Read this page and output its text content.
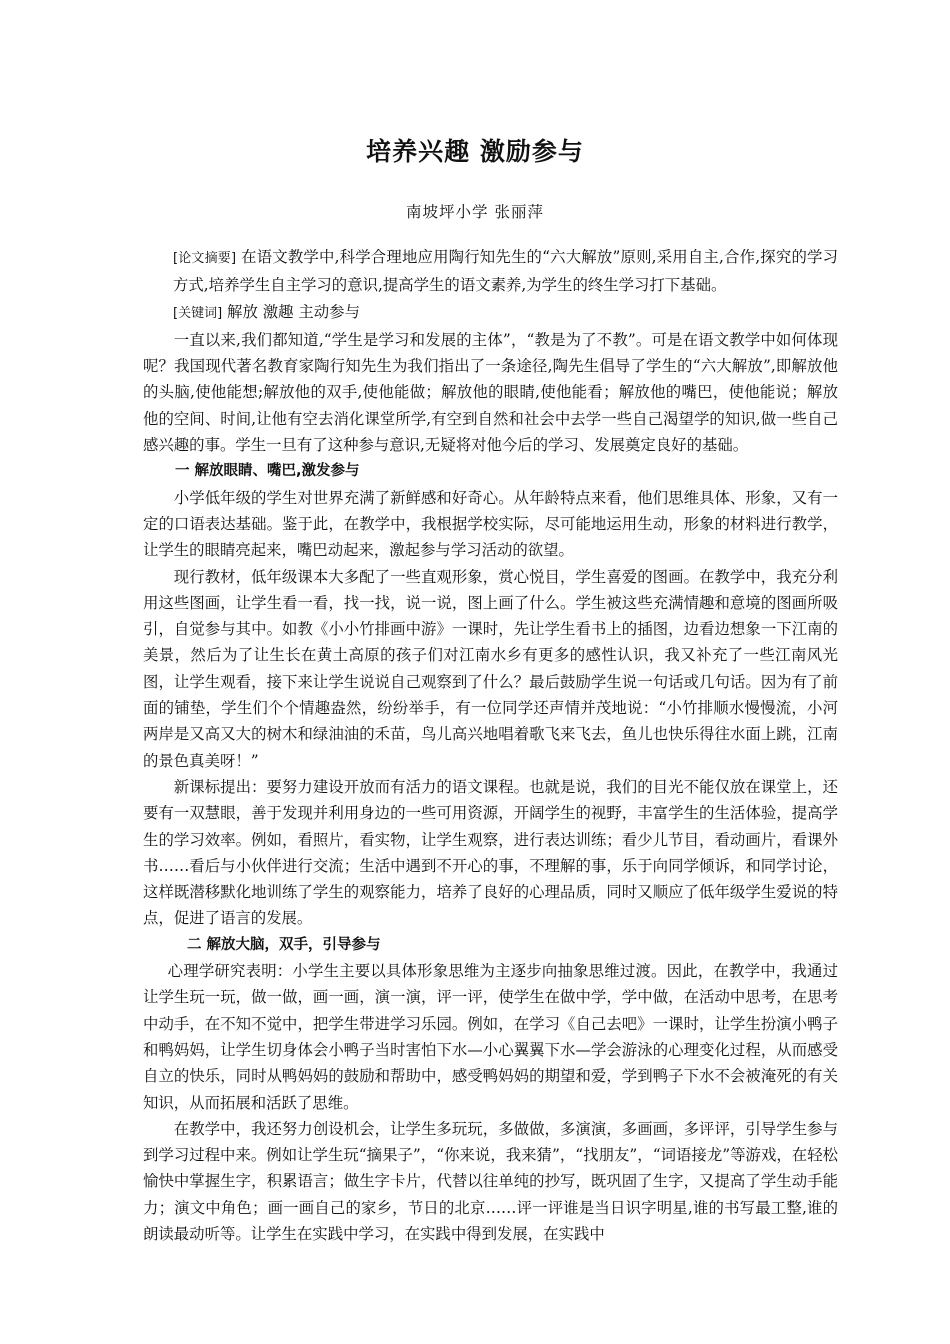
培养兴趣 激励参与
南坡坪小学 张丽萍

[论文摘要] 在语文教学中,科学合理地应用陶行知先生的“六大解放”原则,采用自主,合作,探究的学习方式,培养学生自主学习的意识,提高学生的语文素养,为学生的终生学习打下基础。

[关键词] 解放 激趣 主动参与

一直以来,我们都知道,“学生是学习和发展的主体”，“教是为了不教”。可是在语文教学中如何体现呢？我国现代著名教育家陶行知先生为我们指出了一条途径,陶先生倡导了学生的“六大解放”,即解放他的头脑,使他能想;解放他的双手,使他能做；解放他的眼睛,使他能看；解放他的嘴巴，使他能说；解放他的空间、时间,让他有空去消化课堂所学,有空到自然和社会中去学一些自己渴望学的知识,做一些自己感兴趣的事。学生一旦有了这种参与意识,无疑将对他今后的学习、发展奠定良好的基础。

一 解放眼睛、嘴巴,激发参与

小学低年级的学生对世界充满了新鲜感和好奇心。从年龄特点来看，他们思维具体、形象，又有一定的口语表达基础。鉴于此，在教学中，我根据学校实际，尽可能地运用生动，形象的材料进行教学，让学生的眼睛亮起来，嘴巴动起来，激起参与学习活动的欲望。

现行教材，低年级课本大多配了一些直观形象，赏心悦目，学生喜爱的图画。在教学中，我充分利用这些图画，让学生看一看，找一找，说一说，图上画了什么。学生被这些充满情趣和意境的图画所吸引，自觉参与其中。如教《小小竹排画中游》一课时，先让学生看书上的插图，边看边想象一下江南的美景，然后为了让生长在黄土高原的孩子们对江南水乡有更多的感性认识，我又补充了一些江南风光图，让学生观看，接下来让学生说说自己观察到了什么？最后鼓励学生说一句话或几句话。因为有了前面的铺垫，学生们个个情趣盎然，纷纷举手，有一位同学还声情并茂地说：“小竹排顺水慢慢流，小河两岸是又高又大的树木和绿油油的禾苗，鸟儿高兴地唱着歌飞来飞去，鱼儿也快乐得往水面上跳，江南的景色真美呀！”

新课标提出：要努力建设开放而有活力的语文课程。也就是说，我们的目光不能仅放在课堂上，还要有一双慧眼，善于发现并利用身边的一些可用资源，开阔学生的视野，丰富学生的生活体验，提高学生的学习效率。例如，看照片，看实物，让学生观察，进行表达训练；看少儿节目，看动画片，看课外书……看后与小伙伴进行交流；生活中遇到不开心的事，不理解的事，乐于向同学倾诉，和同学讨论，这样既潜移默化地训练了学生的观察能力，培养了良好的心理品质，同时又顺应了低年级学生爱说的特点，促进了语言的发展。

二 解放大脑，双手，引导参与

心理学研究表明：小学生主要以具体形象思维为主逐步向抽象思维过渡。因此，在教学中，我通过让学生玩一玩，做一做，画一画，演一演，评一评，使学生在做中学，学中做，在活动中思考，在思考中动手，在不知不觉中，把学生带进学习乐园。例如，在学习《自己去吧》一课时，让学生扮演小鸭子和鸭妈妈，让学生切身体会小鸭子当时害怕下水—小心翼翼下水—学会游泳的心理变化过程，从而感受自立的快乐，同时从鸭妈妈的鼓励和帮助中，感受鸭妈妈的期望和爱，学到鸭子下水不会被淹死的有关知识，从而拓展和活跃了思维。

在教学中，我还努力创设机会，让学生多玩玩，多做做，多演演，多画画，多评评，引导学生参与到学习过程中来。例如让学生玩“摘果子”，“你来说，我来猜”，“找朋友”，“词语接龙”等游戏，在轻松愉快中掌握生字，积累语言；做生字卡片，代替以往单纯的抄写，既巩固了生字，又提高了学生动手能力；演文中角色；画一画自己的家乡，节日的北京……评一评谁是当日识字明星,谁的书写最工整,谁的朗读最动听等。让学生在实践中学习，在实践中得到发展，在实践中
